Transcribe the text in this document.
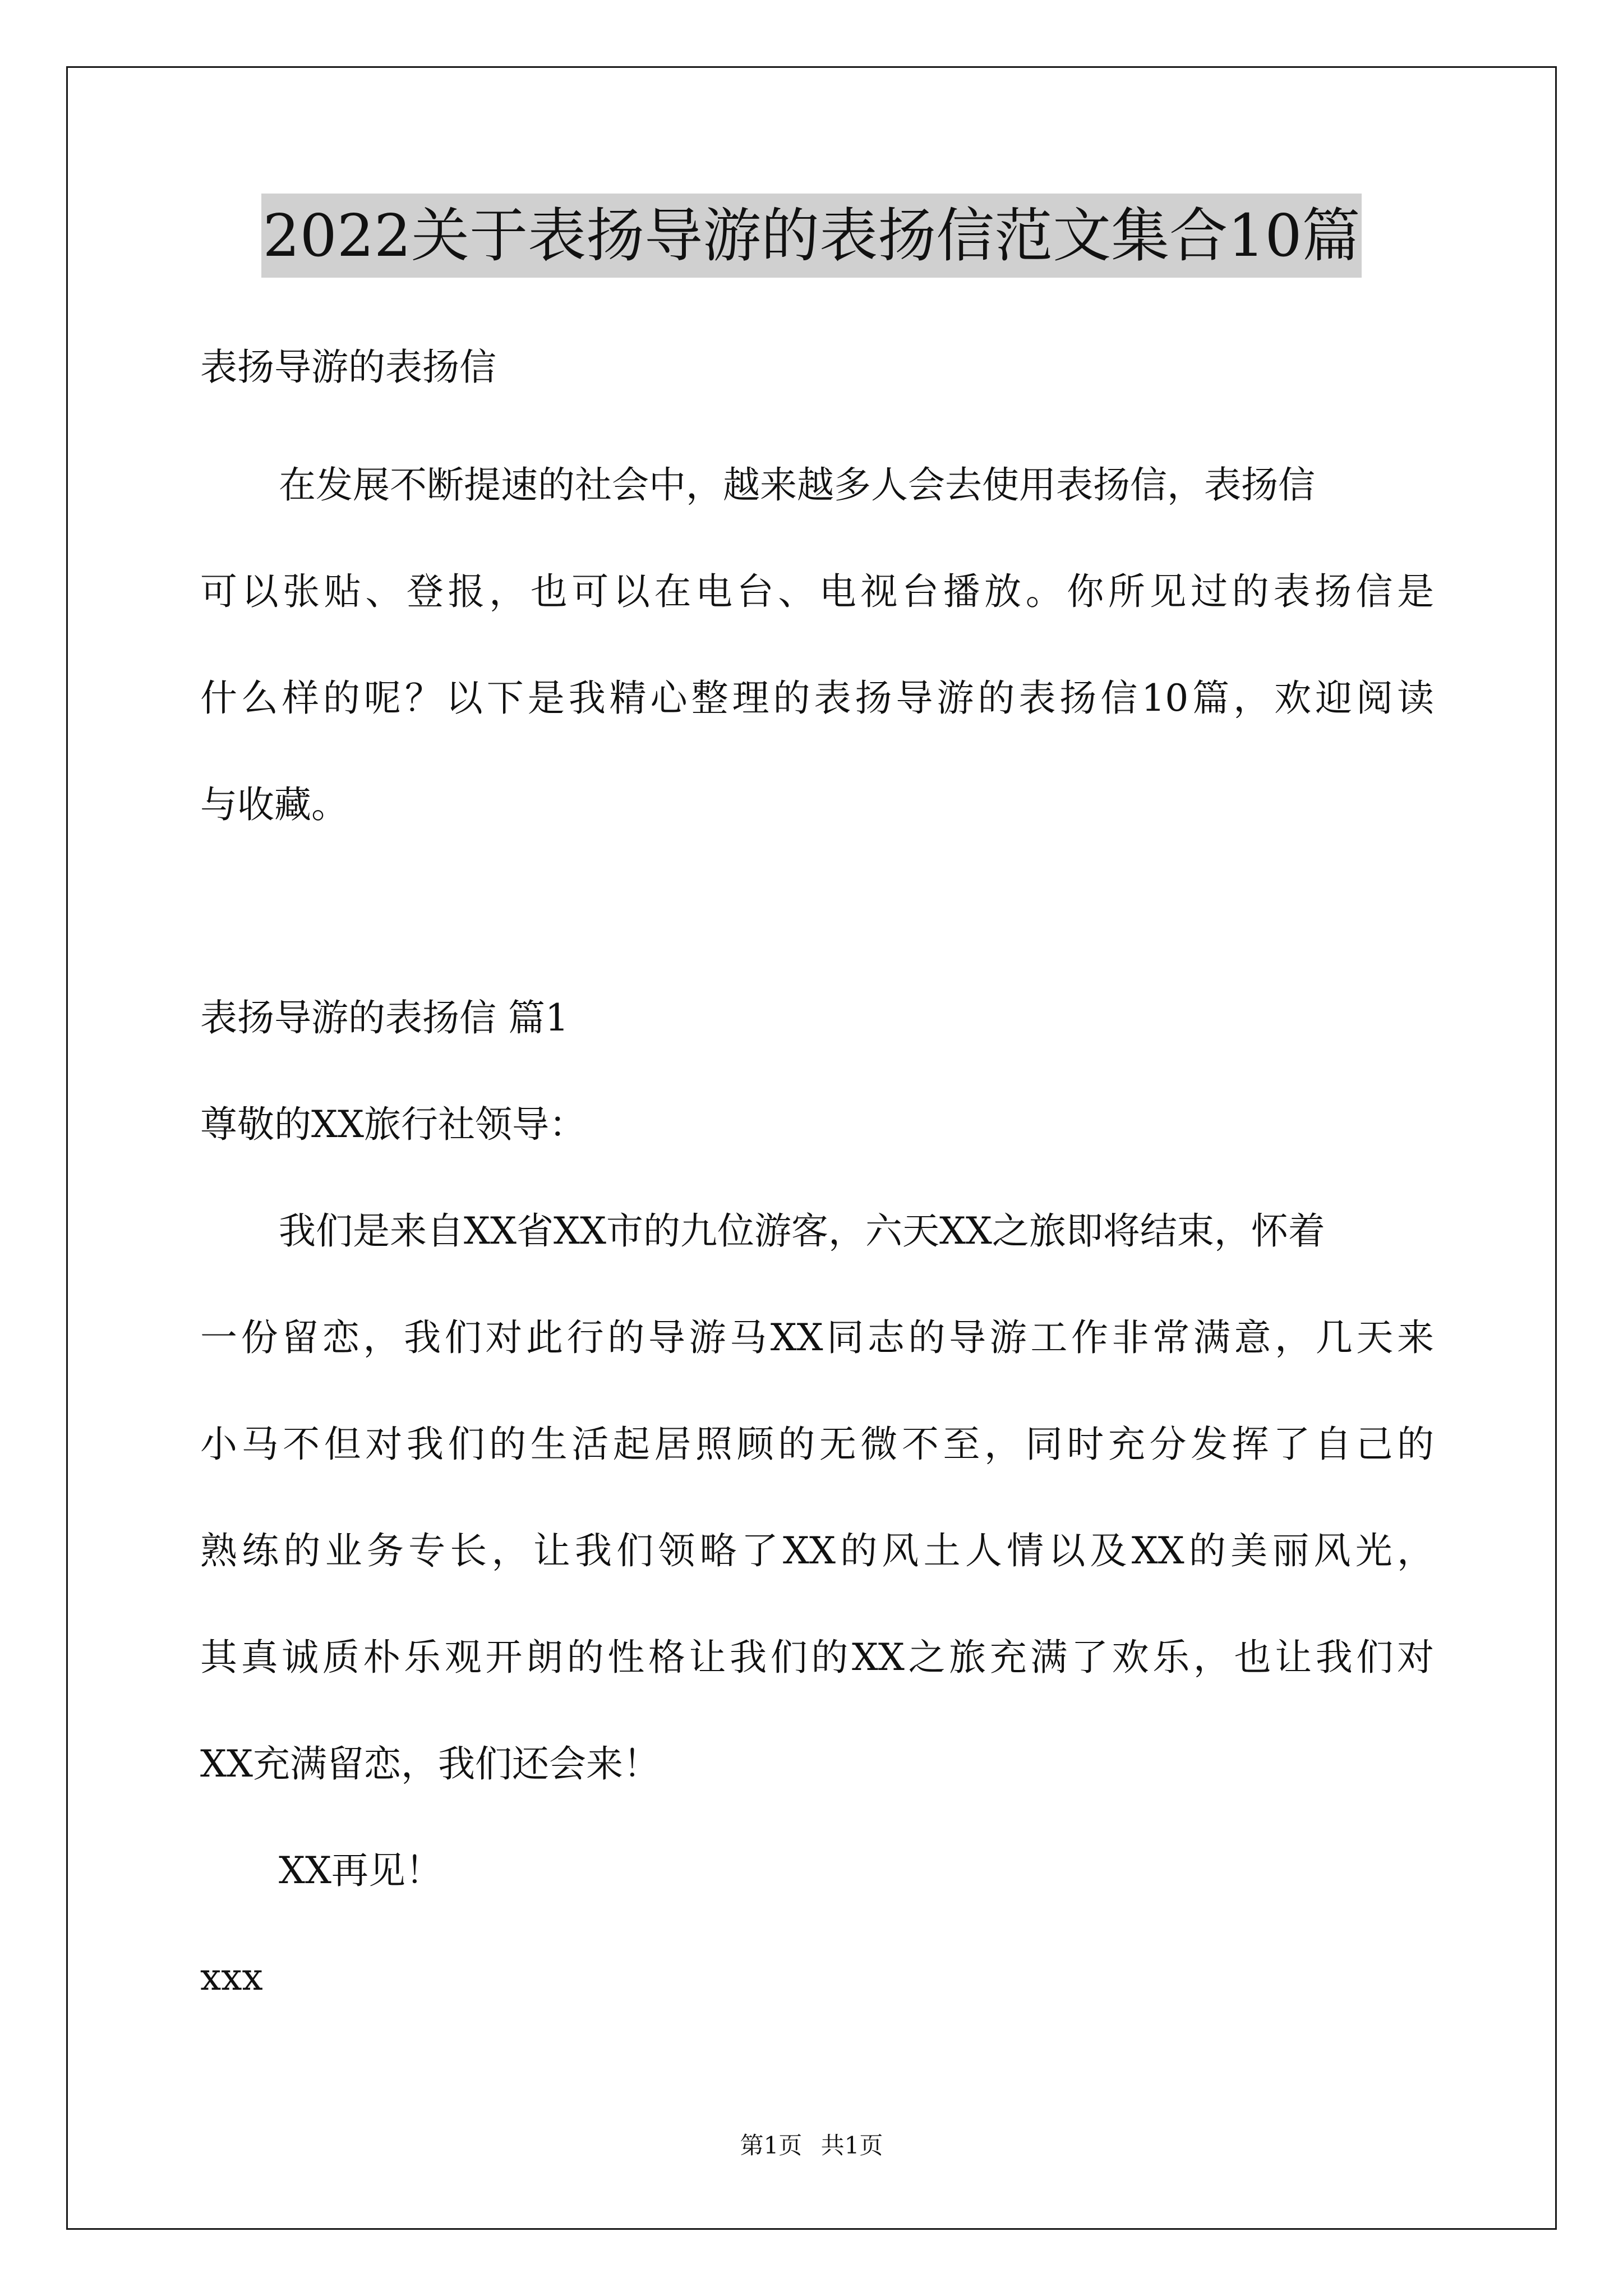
2022关于表扬导游的表扬信范文集合10篇
表扬导游的表扬信
在发展不断提速的社会中，越来越多人会去使用表扬信，表扬信
可以张贴、登报，也可以在电台、电视台播放。你所见过的表扬信是
什么样的呢？以下是我精心整理的表扬导游的表扬信10篇，欢迎阅读
与收藏。
表扬导游的表扬信 篇1
尊敬的XX旅行社领导：
我们是来自XX省XX市的九位游客，六天XX之旅即将结束，怀着
一份留恋，我们对此行的导游马XX同志的导游工作非常满意，几天来
小马不但对我们的生活起居照顾的无微不至，同时充分发挥了自己的
熟练的业务专长，让我们领略了XX的风土人情以及XX的美丽风光，
其真诚质朴乐观开朗的性格让我们的XX之旅充满了欢乐，也让我们对
XX充满留恋，我们还会来！
XX再见！
xxx
第1页 共1页
